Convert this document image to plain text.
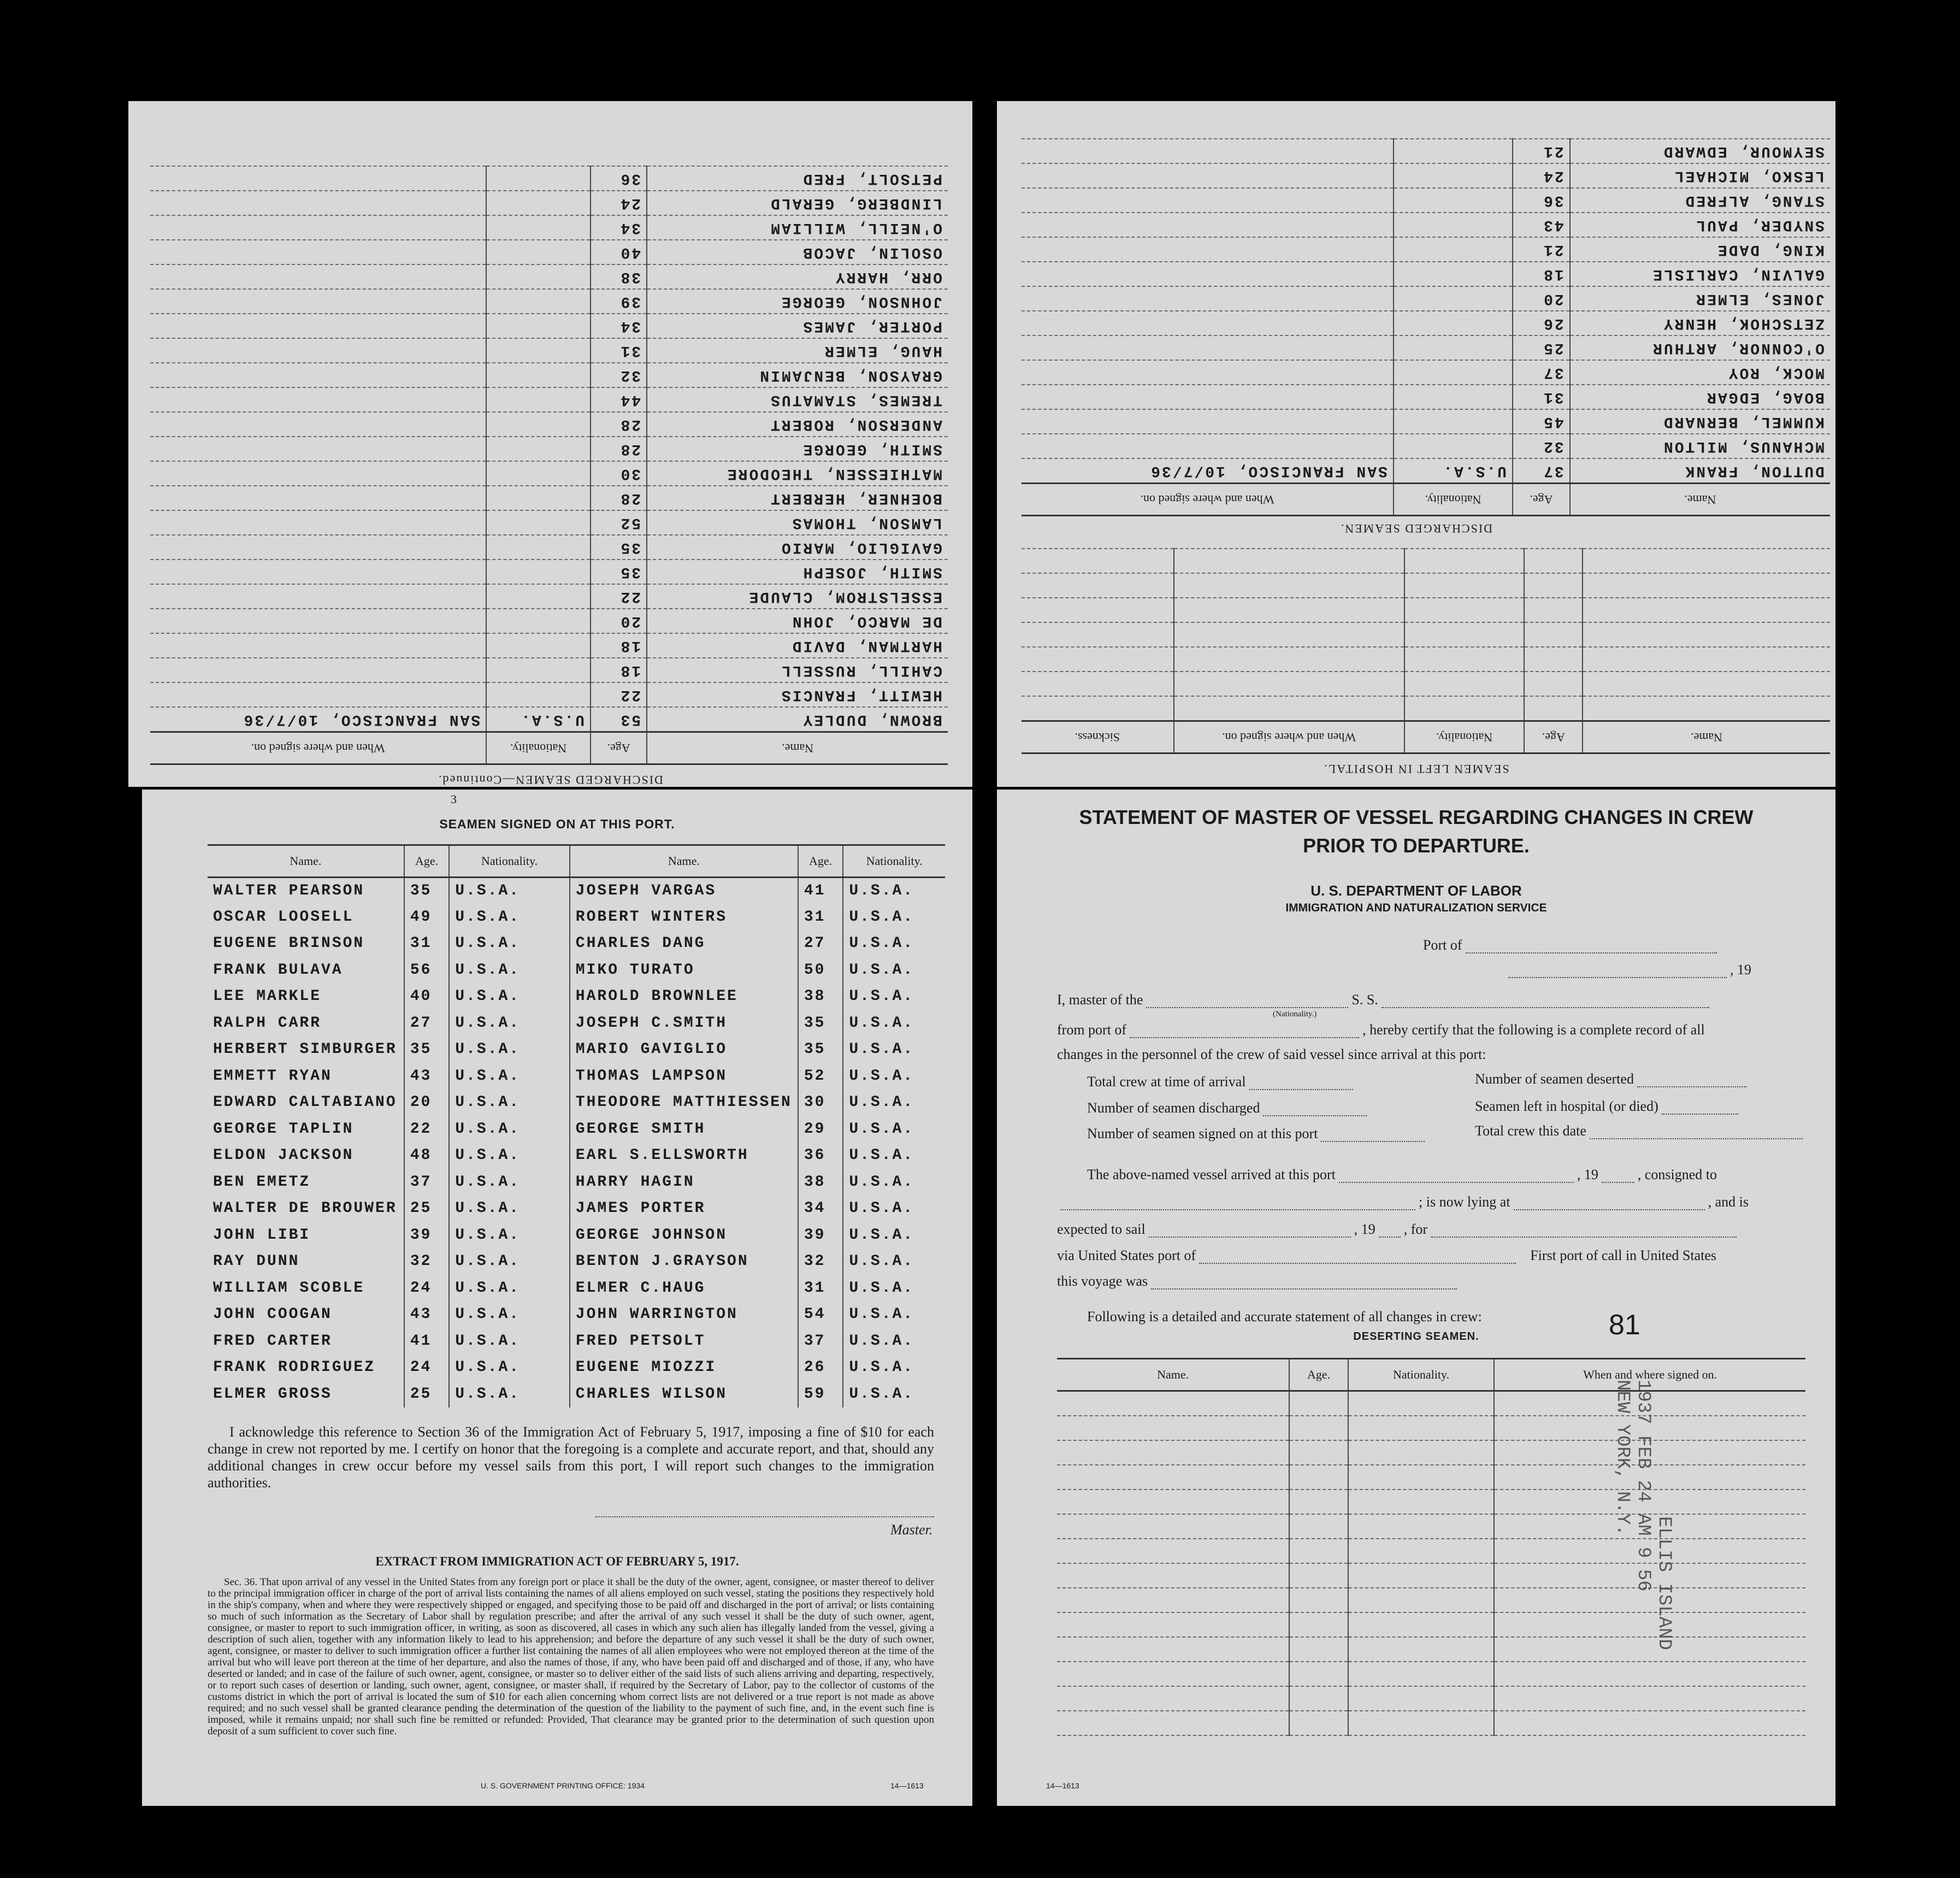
DISCHARGED SEAMEN—Continued.
Name.	Age.	Nationality.	When and where signed on.
BROWN, DUDLEY	53	U.S.A.	SAN FRANCISCO, 10/7/36
HEWITT, FRANCIS	22		
CAHILL, RUSSELL	18		
HARTMAN, DAVID	18		
DE MARCO, JOHN	20		
ESSELSTROM, CLAUDE	22		
SMITH, JOSEPH	35		
GAVIGLIO, MARIO	35		
LAMSON, THOMAS	52		
BOEHNER, HERBERT	28		
MATHIESSEN, THEODORE	30		
SMITH, GEORGE	28		
ANDERSON, ROBERT	28		
TREMES, STAMATUS	44		
GRAYSON, BENJAMIN	32		
HAUG, ELMER	31		
PORTER, JAMES	34		
JOHNSON, GEORGE	39		
ORR, HARRY	38		
OSOLIN, JACOB	40		
O'NEILL, WILLIAM	34		
LINDBERG, GERALD	24		
PETSOLT, FRED	36		
SEAMEN LEFT IN HOSPITAL.
Name.	Age.	Nationality.	When and where signed on.	Sickness.

DISCHARGED SEAMEN.
Name.	Age.	Nationality.	When and where signed on.
DUTTON, FRANK	37	U.S.A.	SAN FRANCISCO, 10/7/36
MCHANUS, MILTON	32		
KUMMEL, BERNARD	45		
BOAG, EDGAR	31		
MOCK, ROY	37		
O'CONNOR, ARTHUR	25		
ZETSCHOK, HENRY	26		
JONES, ELMER	20		
GALVIN, CARLISLE	18		
KING, DADE	21		
SNYDER, PAUL	43		
STANG, ALFRED	36		
LESKO, MICHAEL	24		
SEYMOUR, EDWARD	21		
3
SEAMEN SIGNED ON AT THIS PORT.
Name.	Age.	Nationality.	Name.	Age.	Nationality.
WALTER PEARSON	35	U.S.A.	JOSEPH VARGAS	41	U.S.A.
OSCAR LOOSELL	49	U.S.A.	ROBERT WINTERS	31	U.S.A.
EUGENE BRINSON	31	U.S.A.	CHARLES DANG	27	U.S.A.
FRANK BULAVA	56	U.S.A.	MIKO TURATO	50	U.S.A.
LEE MARKLE	40	U.S.A.	HAROLD BROWNLEE	38	U.S.A.
RALPH CARR	27	U.S.A.	JOSEPH C.SMITH	35	U.S.A.
HERBERT SIMBURGER	35	U.S.A.	MARIO GAVIGLIO	35	U.S.A.
EMMETT RYAN	43	U.S.A.	THOMAS LAMPSON	52	U.S.A.
EDWARD CALTABIANO	20	U.S.A.	THEODORE MATTHIESSEN	30	U.S.A.
GEORGE TAPLIN	22	U.S.A.	GEORGE SMITH	29	U.S.A.
ELDON JACKSON	48	U.S.A.	EARL S.ELLSWORTH	36	U.S.A.
BEN EMETZ	37	U.S.A.	HARRY HAGIN	38	U.S.A.
WALTER DE BROUWER	25	U.S.A.	JAMES PORTER	34	U.S.A.
JOHN LIBI	39	U.S.A.	GEORGE JOHNSON	39	U.S.A.
RAY DUNN	32	U.S.A.	BENTON J.GRAYSON	32	U.S.A.
WILLIAM SCOBLE	24	U.S.A.	ELMER C.HAUG	31	U.S.A.
JOHN COOGAN	43	U.S.A.	JOHN WARRINGTON	54	U.S.A.
FRED CARTER	41	U.S.A.	FRED PETSOLT	37	U.S.A.
FRANK RODRIGUEZ	24	U.S.A.	EUGENE MIOZZI	26	U.S.A.
ELMER GROSS	25	U.S.A.	CHARLES WILSON	59	U.S.A.
I acknowledge this reference to Section 36 of the Immigration Act of February 5, 1917, imposing a fine of $10 for each change in crew not reported by me. I certify on honor that the foregoing is a complete and accurate report, and that, should any additional changes in crew occur before my vessel sails from this port, I will report such changes to the immigration authorities.
Master.
EXTRACT FROM IMMIGRATION ACT OF FEBRUARY 5, 1917.
Sec. 36. That upon arrival of any vessel in the United States from any foreign port or place it shall be the duty of the owner, agent, consignee, or master thereof to deliver to the principal immigration officer in charge of the port of arrival lists containing the names of all aliens employed on such vessel, stating the positions they respectively hold in the ship's company, when and where they were respectively shipped or engaged, and specifying those to be paid off and discharged in the port of arrival; or lists containing so much of such information as the Secretary of Labor shall by regulation prescribe; and after the arrival of any such vessel it shall be the duty of such owner, agent, consignee, or master to report to such immigration officer, in writing, as soon as discovered, all cases in which any such alien has illegally landed from the vessel, giving a description of such alien, together with any information likely to lead to his apprehension; and before the departure of any such vessel it shall be the duty of such owner, agent, consignee, or master to deliver to such immigration officer a further list containing the names of all alien employees who were not employed thereon at the time of the arrival but who will leave port thereon at the time of her departure, and also the names of those, if any, who have been paid off and discharged and of those, if any, who have deserted or landed; and in case of the failure of such owner, agent, consignee, or master so to deliver either of the said lists of such aliens arriving and departing, respectively, or to report such cases of desertion or landing, such owner, agent, consignee, or master shall, if required by the Secretary of Labor, pay to the collector of customs of the customs district in which the port of arrival is located the sum of $10 for each alien concerning whom correct lists are not delivered or a true report is not made as above required; and no such vessel shall be granted clearance pending the determination of the question of the liability to the payment of such fine, and, in the event such fine is imposed, while it remains unpaid; nor shall such fine be remitted or refunded: Provided, That clearance may be granted prior to the determination of such question upon deposit of a sum sufficient to cover such fine.
U. S. GOVERNMENT PRINTING OFFICE: 1934	14—1613
STATEMENT OF MASTER OF VESSEL REGARDING CHANGES IN CREW
PRIOR TO DEPARTURE.
U. S. DEPARTMENT OF LABOR
IMMIGRATION AND NATURALIZATION SERVICE
Port of
, 19
I, master of the	S. S.
(Nationality.)
from port of	, hereby certify that the following is a complete record of all
changes in the personnel of the crew of said vessel since arrival at this port:
Total crew at time of arrival	Number of seamen deserted
Number of seamen discharged	Seamen left in hospital (or died)
Number of seamen signed on at this port	Total crew this date
The above-named vessel arrived at this port	, 19	, consigned to
; is now lying at	, and is
expected to sail	, 19 , for
via United States port of	First port of call in United States
this voyage was
Following is a detailed and accurate statement of all changes in crew:	81
DESERTING SEAMEN.
Name.	Age.	Nationality.	When and where signed on.

ELLIS ISLAND
1937 FEB 24 AM 9 56
NEW YORK, N.Y.
14—1613
